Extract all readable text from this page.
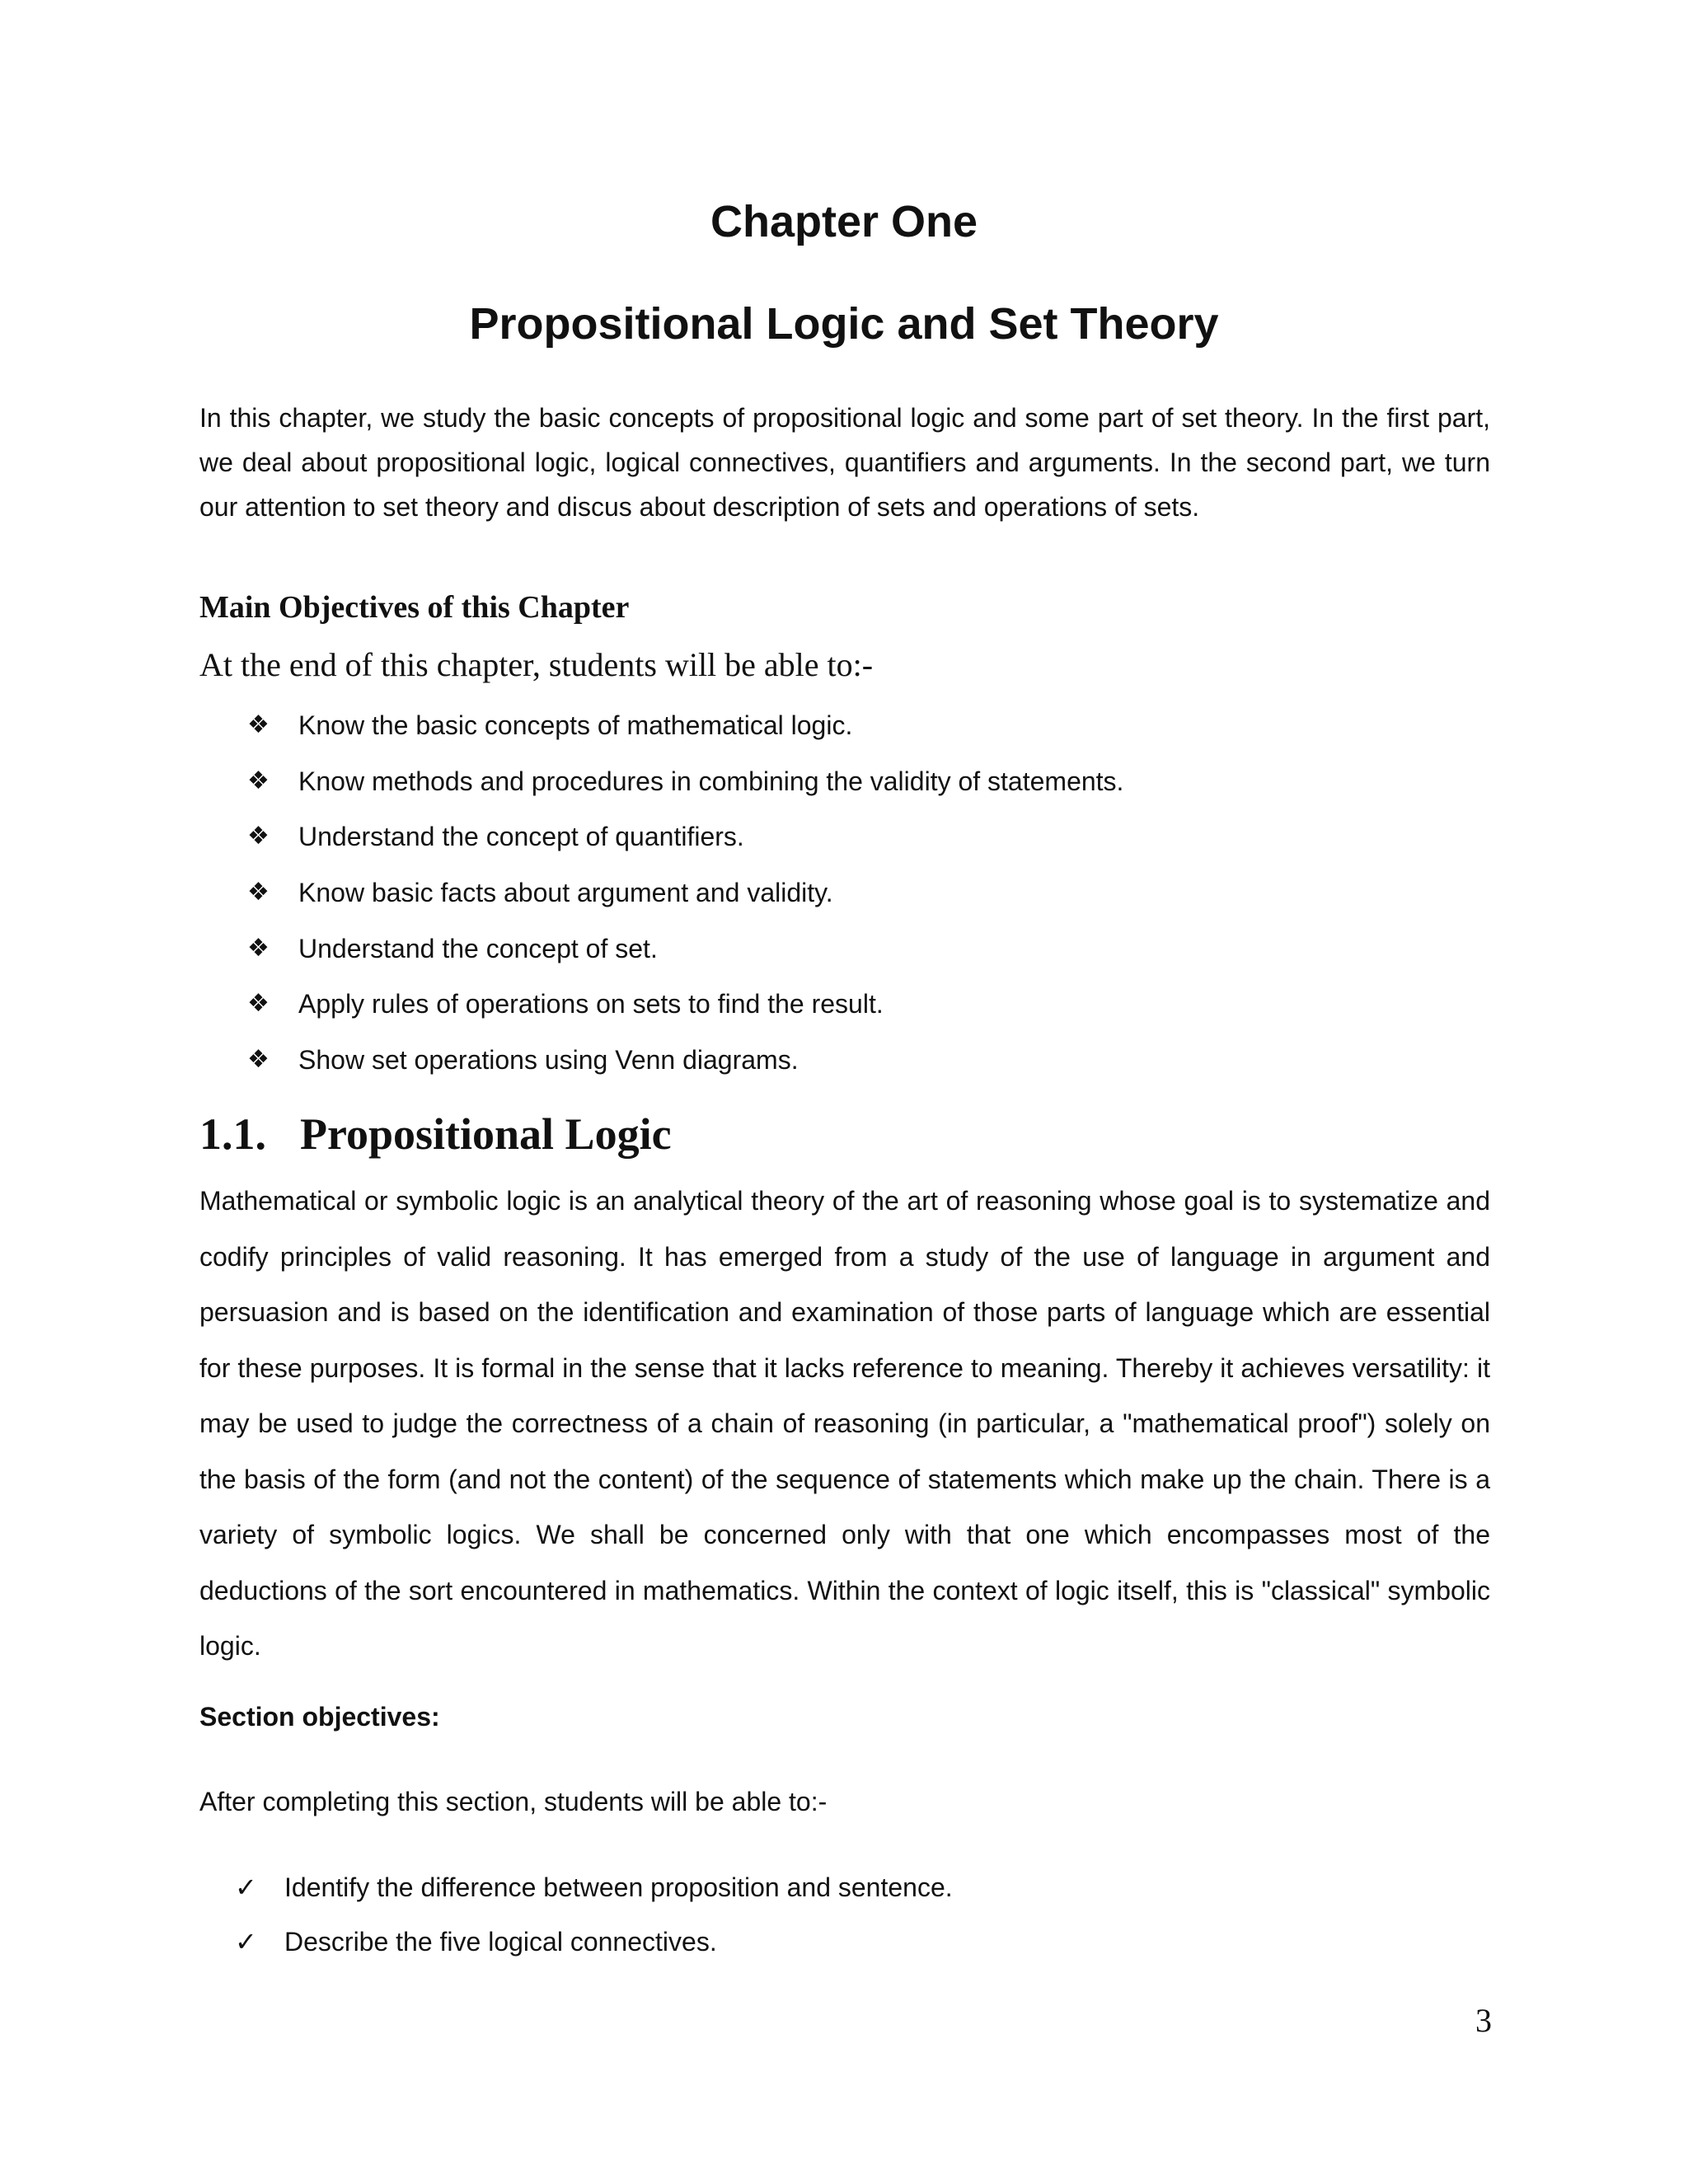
Chapter One
Propositional Logic and Set Theory

In this chapter, we study the basic concepts of propositional logic and some part of set theory. In the first part, we deal about propositional logic, logical connectives, quantifiers and arguments. In the second part, we turn our attention to set theory and discus about description of sets and operations of sets.

Main Objectives of this Chapter

At the end of this chapter, students will be able to:-

❖	Know the basic concepts of mathematical logic.
❖	Know methods and procedures in combining the validity of statements.
❖	Understand the concept of quantifiers.
❖	Know basic facts about argument and validity.
❖	Understand the concept of set.
❖	Apply rules of operations on sets to find the result.
❖	Show set operations using Venn diagrams.
1.1. Propositional Logic

Mathematical or symbolic logic is an analytical theory of the art of reasoning whose goal is to systematize and codify principles of valid reasoning. It has emerged from a study of the use of language in argument and persuasion and is based on the identification and examination of those parts of language which are essential for these purposes. It is formal in the sense that it lacks reference to meaning. Thereby it achieves versatility: it may be used to judge the correctness of a chain of reasoning (in particular, a "mathematical proof") solely on the basis of the form (and not the content) of the sequence of statements which make up the chain. There is a variety of symbolic logics. We shall be concerned only with that one which encompasses most of the deductions of the sort encountered in mathematics. Within the context of logic itself, this is "classical" symbolic logic.

Section objectives:

After completing this section, students will be able to:-

✓	Identify the difference between proposition and sentence.
✓	Describe the five logical connectives.

3
